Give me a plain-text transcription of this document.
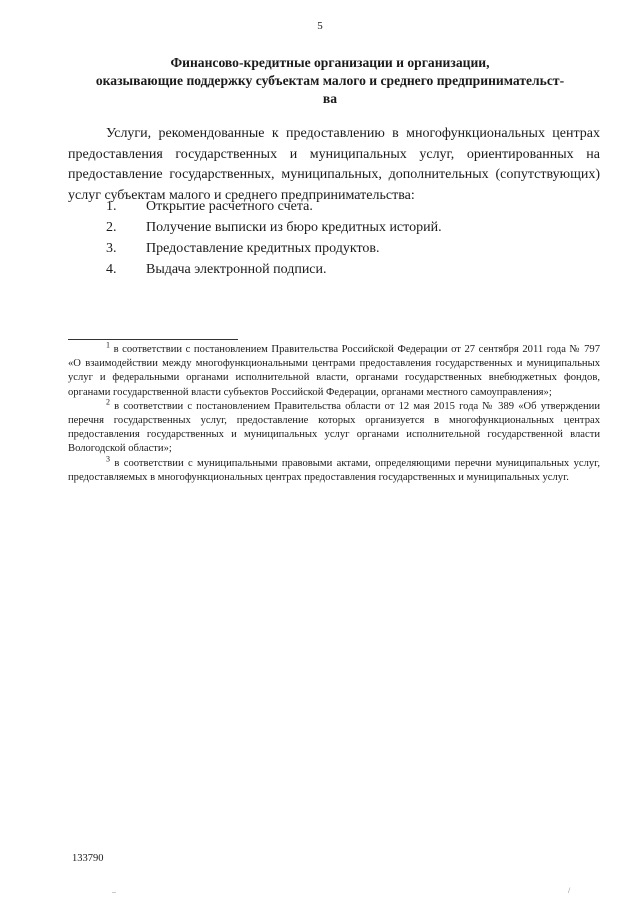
5
Финансово-кредитные организации и организации,
оказывающие поддержку субъектам малого и среднего предпринимательст-
ва

Услуги, рекомендованные к предоставлению в многофункциональных центрах предоставления государственных и муниципальных услуг, ориентированных на предоставление государственных, муниципальных, дополнительных (сопутствующих) услуг субъектам малого и среднего предпринимательства:

1.	Открытие расчетного счета.
2.	Получение выписки из бюро кредитных историй.
3.	Предоставление кредитных продуктов.
4.	Выдача электронной подписи.

$^1$ в соответствии с постановлением Правительства Российской Федерации от 27 сентября 2011 года № 797 «О взаимодействии между многофункциональными центрами предоставления государственных и муниципальных услуг и федеральными органами исполнительной власти, органами государственных внебюджетных фондов, органами государственной власти субъектов Российской Федерации, органами местного самоуправления»;

$^2$ в соответствии с постановлением Правительства области от 12 мая 2015 года № 389 «Об утверждении перечня государственных услуг, предоставление которых организуется в многофункциональных центрах предоставления государственных и муниципальных услуг органами исполнительной государственной власти Вологодской области»;

$^3$ в соответствии с муниципальными правовыми актами, определяющими перечни муниципальных услуг, предоставляемых в многофункциональных центрах предоставления государственных и муниципальных услуг.

133790
..	/
